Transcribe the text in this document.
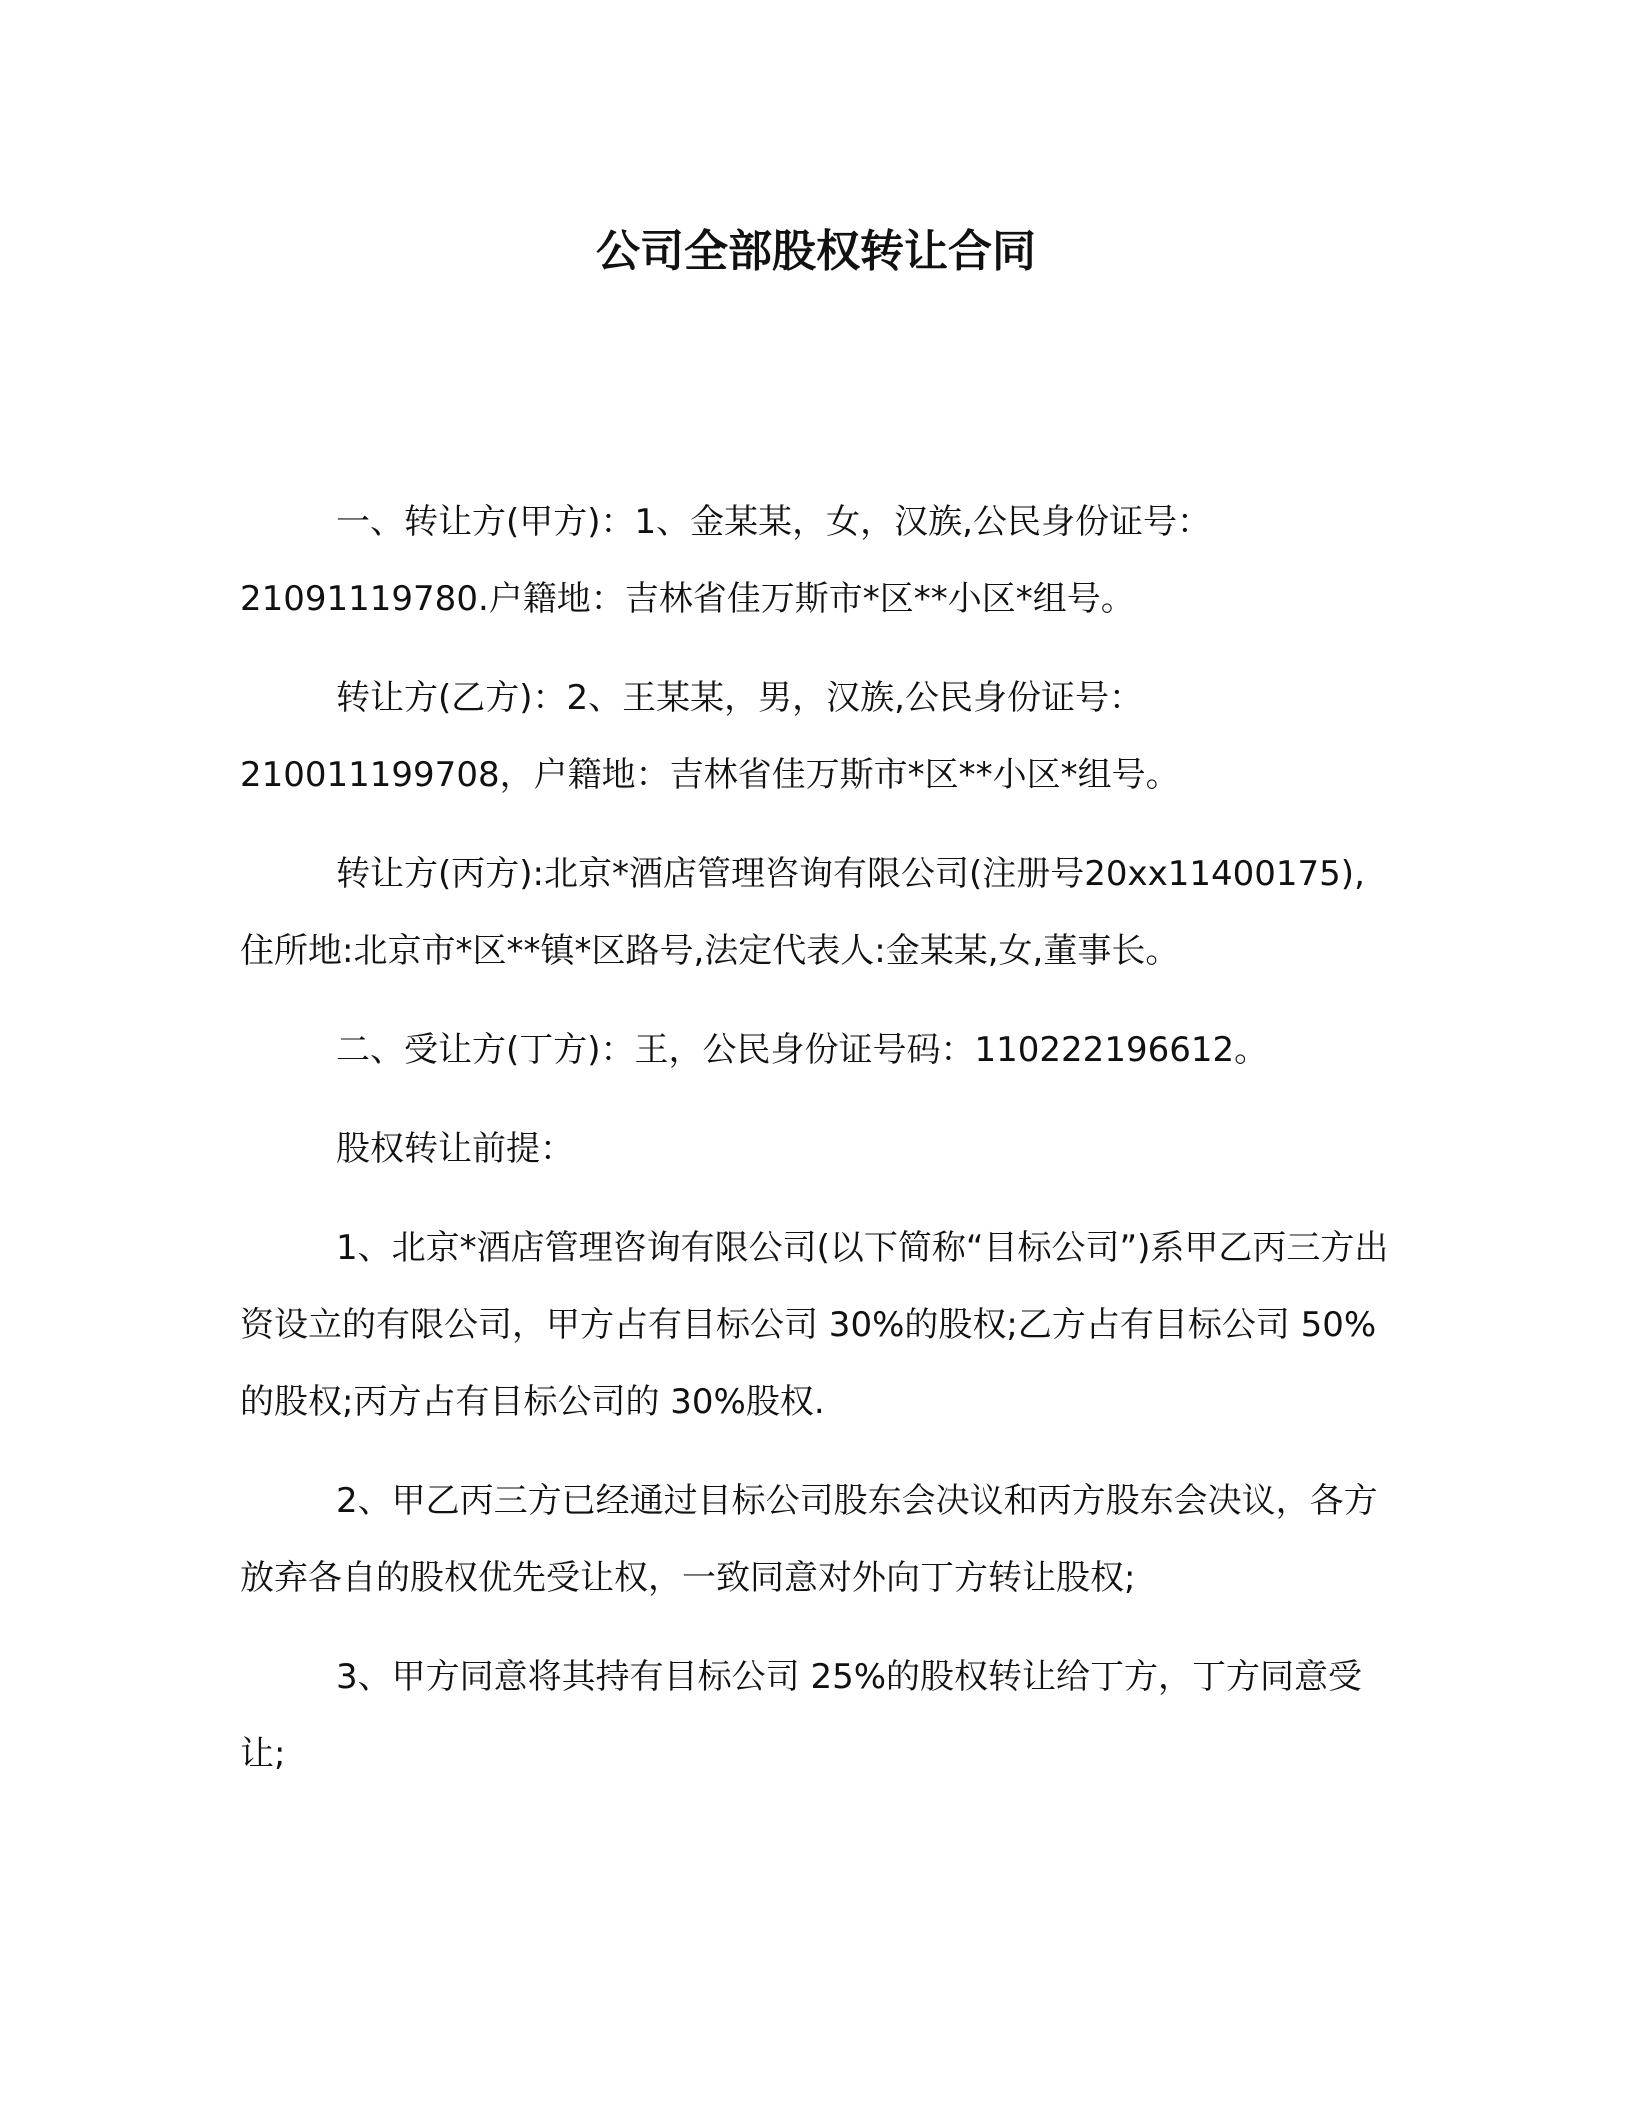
公司全部股权转让合同

一、转让方(甲方)：1、金某某，女，汉族,公民身份证号：21091119780.户籍地：吉林省佳万斯市*区**小区*组号。

转让方(乙方)：2、王某某，男，汉族,公民身份证号：210011199708，户籍地：吉林省佳万斯市*区**小区*组号。

转让方(丙方):北京*酒店管理咨询有限公司(注册号20xx11400175),住所地:北京市*区**镇*区路号,法定代表人:金某某,女,董事长。

二、受让方(丁方)：王，公民身份证号码：110222196612。

股权转让前提：

1、北京*酒店管理咨询有限公司(以下简称“目标公司”)系甲乙丙三方出资设立的有限公司，甲方占有目标公司 30%的股权;乙方占有目标公司 50%的股权;丙方占有目标公司的 30%股权.

2、甲乙丙三方已经通过目标公司股东会决议和丙方股东会决议，各方放弃各自的股权优先受让权，一致同意对外向丁方转让股权;

3、甲方同意将其持有目标公司 25%的股权转让给丁方，丁方同意受让;
